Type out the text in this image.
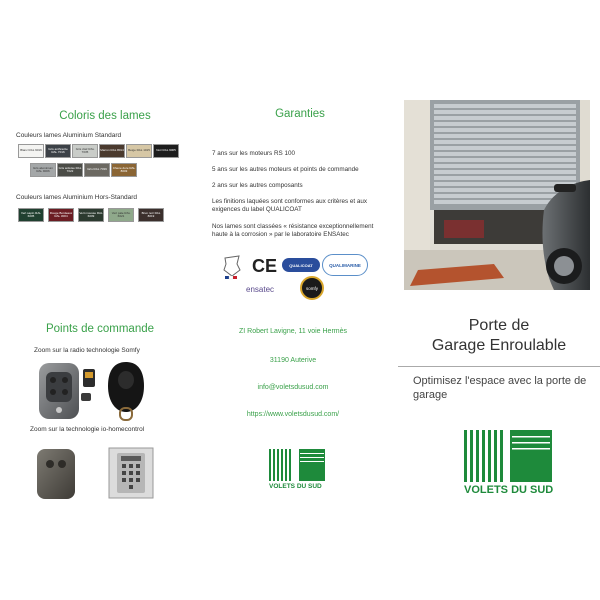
Coloris des lames
Couleurs lames Aluminium Standard
Blanc RAL 9016	Gris anthracite RAL 7016
Gris clair RAL 7035	Marron RAL 8014	Beige RAL 1015	Noir RAL 9005
Gris aluminium RAL 9006
Gris ardoise RAL 7022	Gris RAL 7039	Chene dore RAL 8003
Couleurs lames Aluminium Hors-Standard
Vert sapin RAL 6005
Rouge Bordeaux RAL 3004
Vert mousse RAL 6009
Vert pale RAL 6021
Brun noir RAL 8019
Points de commande
Zoom sur la radio technologie Somfy
Zoom sur la technologie io-homecontrol
Garanties
7 ans sur les moteurs RS 100
5 ans sur les autres moteurs et points de commande
2 ans sur les autres composants
Les finitions laquées sont conformes aux critères et aux exigences du label QUALICOAT
Nos lames sont classées « résistance exceptionnellement haute à la corrosion » par le laboratoire ENSAtec
CE	QUALICOAT	QUALIMARINE
ensatec	somfy
ZI Robert Lavigne, 11 voie Hermès
31190 Auterive
info@voletsdusud.com
https://www.voletsdusud.com/
VOLETS DU SUD
Porte de
Garage Enroulable
Optimisez l'espace avec la porte de garage
VOLETS DU SUD
